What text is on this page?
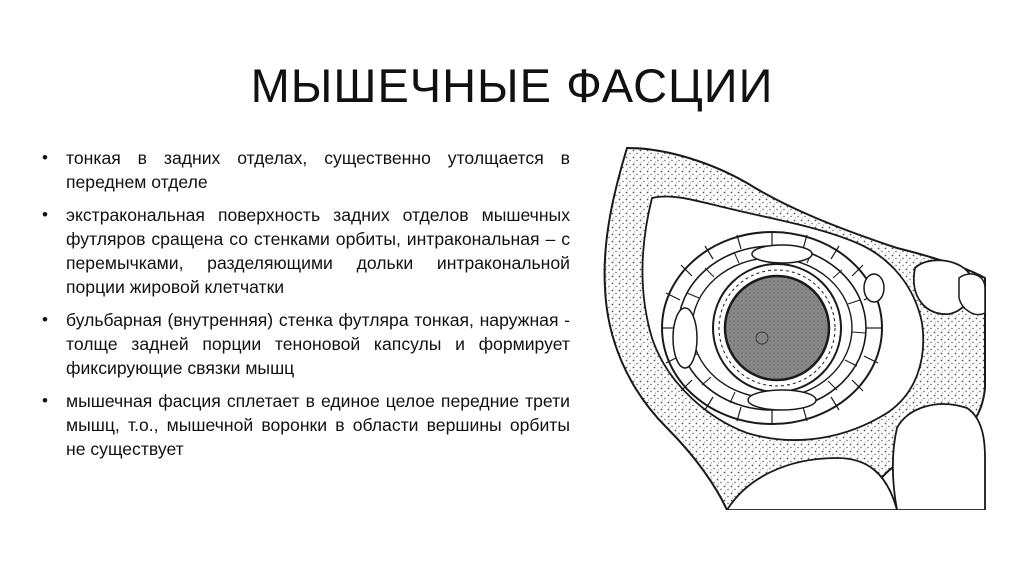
МЫШЕЧНЫЕ ФАСЦИИ
• тонкая в задних отделах, существенно утолщается в переднем отделе
• экстракональная поверхность задних отделов мышечных футляров сращена со стенками орбиты, интракональная – с перемычками, разделяющими дольки интракональной порции жировой клетчатки
• бульбарная (внутренняя) стенка футляра тонкая, наружная - толще задней порции теноновой капсулы и формирует фиксирующие связки мышц
• мышечная фасция сплетает в единое целое передние трети мышц, т.о., мышечной воронки в области вершины орбиты не существует
